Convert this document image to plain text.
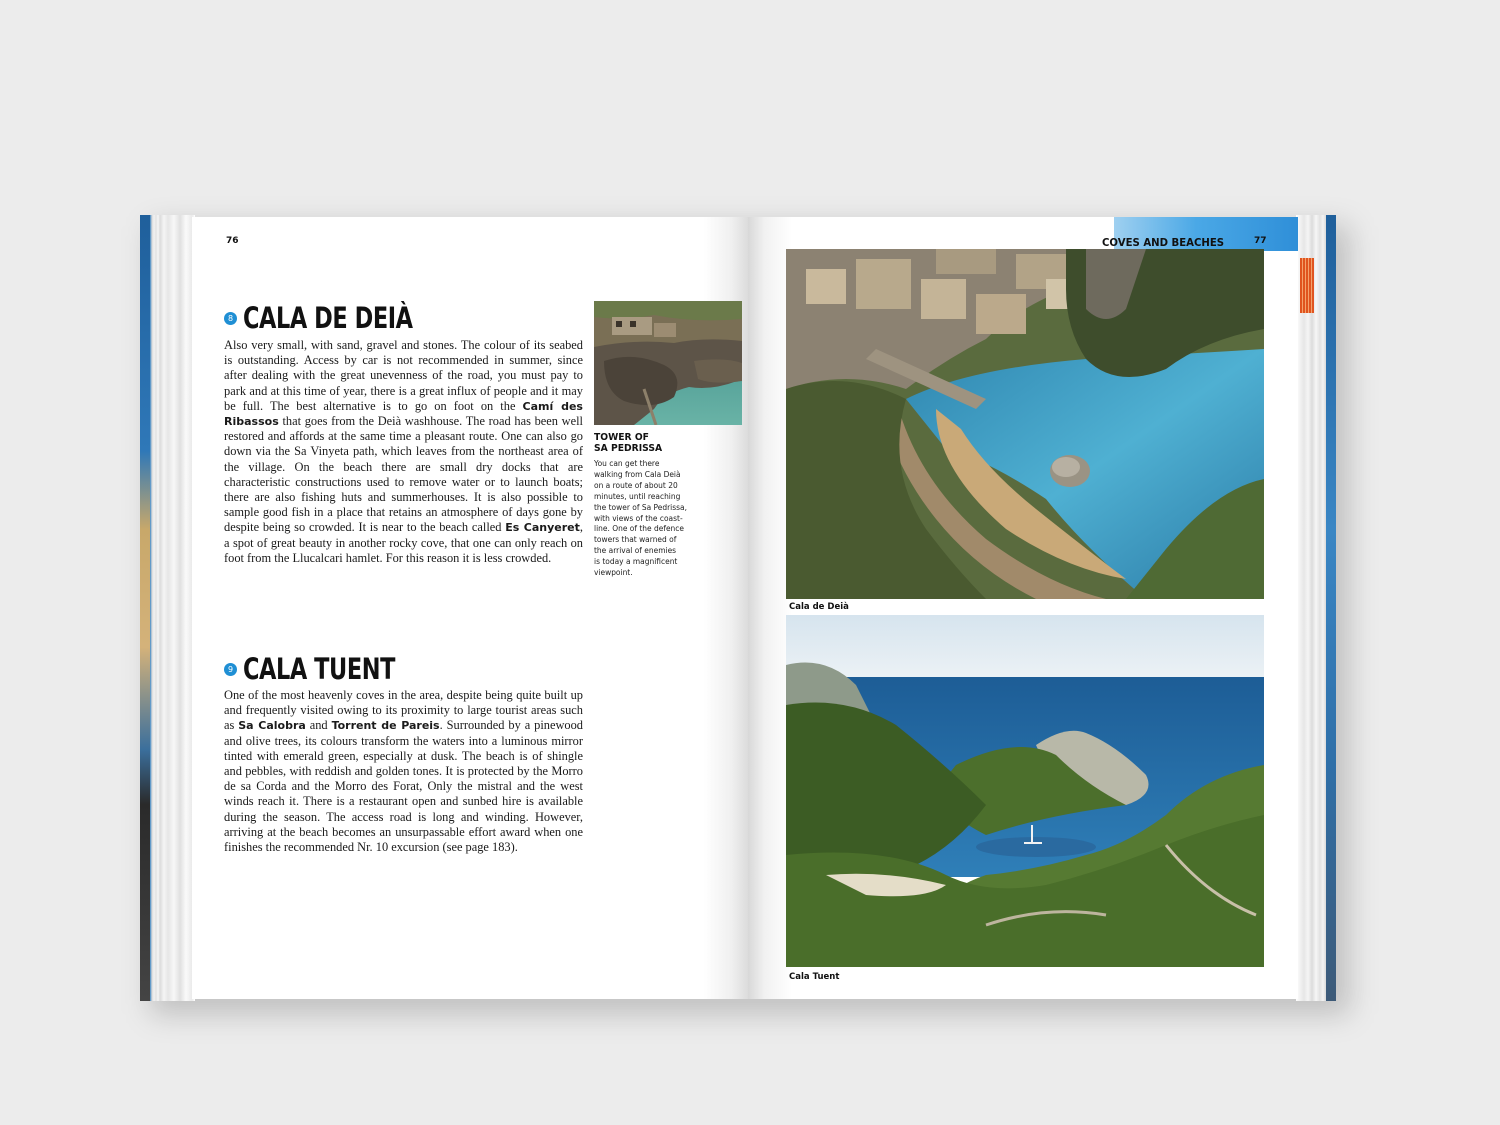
76
8 CALA DE DEIÀ
Also very small, with sand, gravel and stones. The colour of its seabed is outstanding. Access by car is not recommended in summer, since after dealing with the great unevenness of the road, you must pay to park and at this time of year, there is a great influx of people and it may be full. The best alternative is to go on foot on the Camí des Ribassos that goes from the Deià washhouse. The road has been well restored and affords at the same time a pleasant route. One can also go down via the Sa Vinyeta path, which leaves from the northeast area of the village. On the beach there are small dry docks that are characteristic constructions used to remove water or to launch boats; there are also fishing huts and summerhouses. It is also possible to sample good fish in a place that retains an atmosphere of days gone by despite being so crowded. It is near to the beach called Es Canyeret, a spot of great beauty in another rocky cove, that one can only reach on foot from the Llucalcari hamlet. For this reason it is less crowded.
9 CALA TUENT
One of the most heavenly coves in the area, despite being quite built up and frequently visited owing to its proximity to large tourist areas such as Sa Calobra and Torrent de Pareis. Surrounded by a pinewood and olive trees, its colours transform the waters into a luminous mirror tinted with emerald green, especially at dusk. The beach is of shingle and pebbles, with reddish and golden tones. It is protected by the Morro de sa Corda and the Morro des Forat, Only the mistral and the west winds reach it. There is a restaurant open and sunbed hire is available during the season. The access road is long and winding. However, arriving at the beach becomes an unsurpassable effort award when one finishes the recommended Nr. 10 excursion (see page 183).
TOWER OF
SA PEDRISSA
You can get there
walking from Cala Deià
on a route of about 20
minutes, until reaching
the tower of Sa Pedrissa,
with views of the coast-
line. One of the defence
towers that warned of
the arrival of enemies
is today a magnificent
viewpoint.
COVES AND BEACHES	77
Cala de Deià
Cala Tuent
